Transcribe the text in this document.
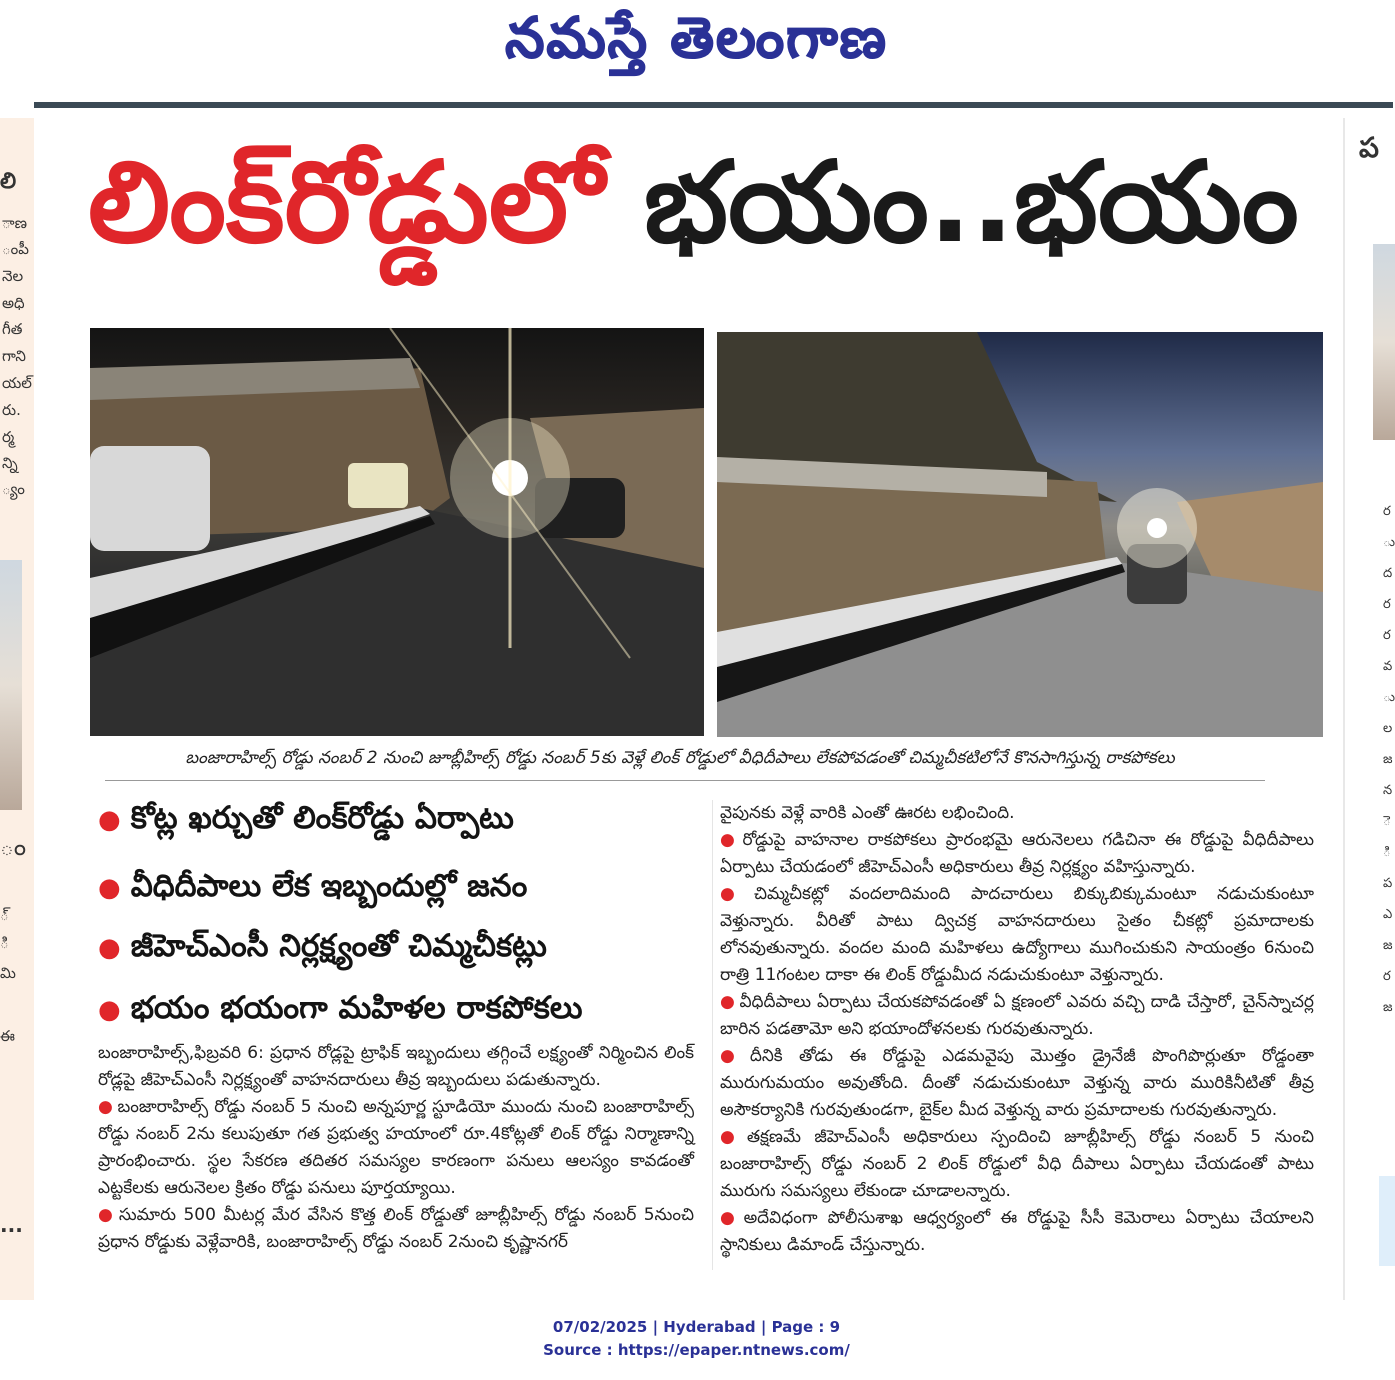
నమస్తే తెలంగాణ
లి
ాణ
ంపీ
నెల
అధి
గీత
గాని
యల్
రు.
ర్మ
న్ని
్యం
ం
్
ి
మి
ఈ
...
ప
ర
ు
ద
ర
ర
వ
ు
ల
జ
న
ె
ి
ప
ఎ
జ
ర
జ
లింక్‌రోడ్డులో భయం..భయం
బంజారాహిల్స్‌ రోడ్డు నంబర్‌ 2 నుంచి జూబ్లీహిల్స్‌ రోడ్డు నంబర్‌ 5కు వెళ్లే లింక్‌ రోడ్డులో వీధిదీపాలు లేకపోవడంతో చిమ్మచీకటిలోనే కొనసాగిస్తున్న రాకపోకలు
● కోట్ల ఖర్చుతో లింక్‌రోడ్డు ఏర్పాటు
● వీధిదీపాలు లేక ఇబ్బందుల్లో జనం
● జీహెచ్‌ఎంసీ నిర్లక్ష్యంతో చిమ్మచీకట్లు
● భయం భయంగా మహిళల రాకపోకలు

బంజారాహిల్స్‌,ఫిబ్రవరి 6: ప్రధాన రోడ్లపై ట్రాఫిక్‌ ఇబ్బందులు తగ్గించే లక్ష్యంతో నిర్మించిన లింక్‌ రోడ్లపై జీహెచ్‌ఎంసీ నిర్లక్ష్యంతో వాహనదారులు తీవ్ర ఇబ్బందులు పడుతున్నారు.

● బంజారాహిల్స్‌ రోడ్డు నంబర్‌ 5 నుంచి అన్నపూర్ణ స్టూడియో ముందు నుంచి బంజారాహిల్స్‌ రోడ్డు నంబర్‌ 2ను కలుపుతూ గత ప్రభుత్వ హయాంలో రూ.4కోట్లతో లింక్‌ రోడ్డు నిర్మాణాన్ని ప్రారంభించారు. స్థల సేకరణ తదితర సమస్యల కారణంగా పనులు ఆలస్యం కావడంతో ఎట్టకేలకు ఆరునెలల క్రితం రోడ్డు పనులు పూర్తయ్యాయి.

● సుమారు 500 మీటర్ల మేర వేసిన కొత్త లింక్‌ రోడ్డుతో జూబ్లీహిల్స్‌ రోడ్డు నంబర్‌ 5నుంచి ప్రధాన రోడ్డుకు వెళ్లేవారికి, బంజారాహిల్స్‌ రోడ్డు నంబర్‌ 2నుంచి కృష్ణానగర్‌

వైపునకు వెళ్లే వారికి ఎంతో ఊరట లభించింది.

● రోడ్డుపై వాహనాల రాకపోకలు ప్రారంభమై ఆరునెలలు గడిచినా ఈ రోడ్డుపై వీధిదీపాలు ఏర్పాటు చేయడంలో జీహెచ్‌ఎంసీ అధికారులు తీవ్ర నిర్లక్ష్యం వహిస్తున్నారు.

● చిమ్మచీకట్లో వందలాదిమంది పాదచారులు బిక్కుబిక్కుమంటూ నడుచుకుంటూ వెళ్తున్నారు. వీరితో పాటు ద్విచక్ర వాహనదారులు సైతం చీకట్లో ప్రమాదాలకు లోనవుతున్నారు. వందల మంది మహిళలు ఉద్యోగాలు ముగించుకుని సాయంత్రం 6నుంచి రాత్రి 11గంటల దాకా ఈ లింక్‌ రోడ్డుమీద నడుచుకుంటూ వెళ్తున్నారు.

● వీధిదీపాలు ఏర్పాటు చేయకపోవడంతో ఏ క్షణంలో ఎవరు వచ్చి దాడి చేస్తారో, చైన్‌స్నాచర్ల బారిన పడతామో అని భయాందోళనలకు గురవుతున్నారు.

● దీనికి తోడు ఈ రోడ్డుపై ఎడమవైపు మొత్తం డ్రైనేజీ పొంగిపొర్లుతూ రోడ్డంతా మురుగుమయం అవుతోంది. దీంతో నడుచుకుంటూ వెళ్తున్న వారు మురికినీటితో తీవ్ర అసౌకర్యానికి గురవుతుండగా, బైక్‌ల మీద వెళ్తున్న వారు ప్రమాదాలకు గురవుతున్నారు.

● తక్షణమే జీహెచ్‌ఎంసీ అధికారులు స్పందించి జూబ్లీహిల్స్‌ రోడ్డు నంబర్‌ 5 నుంచి బంజారాహిల్స్‌ రోడ్డు నంబర్‌ 2 లింక్‌ రోడ్డులో వీధి దీపాలు ఏర్పాటు చేయడంతో పాటు మురుగు సమస్యలు లేకుండా చూడాలన్నారు.

● అదేవిధంగా పోలీసుశాఖ ఆధ్వర్యంలో ఈ రోడ్డుపై సీసీ కెమెరాలు ఏర్పాటు చేయాలని స్థానికులు డిమాండ్‌ చేస్తున్నారు.

07/02/2025 | Hyderabad | Page : 9
Source : https://epaper.ntnews.com/
